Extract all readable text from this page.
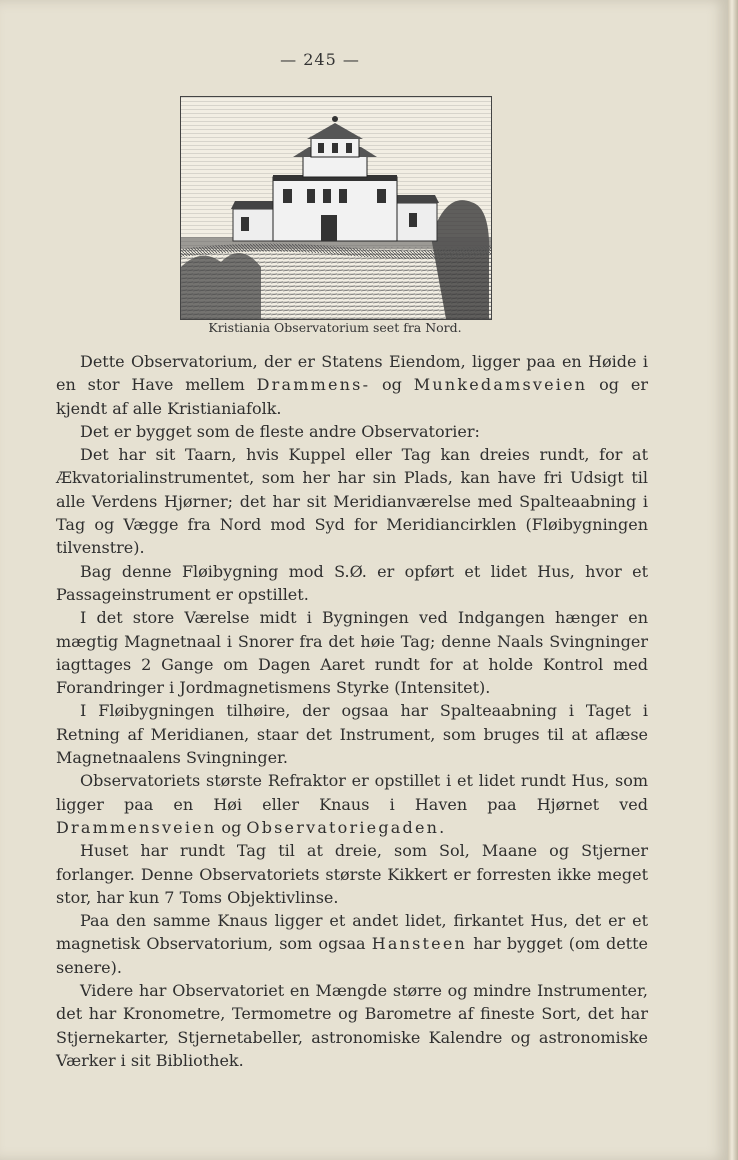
— 245 —
Kristiania Observatorium seet fra Nord.

Dette Observatorium, der er Statens Eiendom, ligger paa en Høide i en stor Have mellem Drammens- og Munkedamsveien og er kjendt af alle Kristianiafolk.

Det er bygget som de fleste andre Observatorier:

Det har sit Taarn, hvis Kuppel eller Tag kan dreies rundt, for at Ækvatorialinstrumentet, som her har sin Plads, kan have fri Udsigt til alle Verdens Hjørner; det har sit Meridianværelse med Spalteaabning i Tag og Vægge fra Nord mod Syd for Meridiancirklen (Fløibygningen tilvenstre).

Bag denne Fløibygning mod S.Ø. er opført et lidet Hus, hvor et Passageinstrument er opstillet.

I det store Værelse midt i Bygningen ved Indgangen hænger en mægtig Magnetnaal i Snorer fra det høie Tag; denne Naals Svingninger iagttages 2 Gange om Dagen Aaret rundt for at holde Kontrol med Forandringer i Jordmagnetismens Styrke (Intensitet).

I Fløibygningen tilhøire, der ogsaa har Spalteaabning i Taget i Retning af Meridianen, staar det Instrument, som bruges til at aflæse Magnetnaalens Svingninger.

Observatoriets største Refraktor er opstillet i et lidet rundt Hus, som ligger paa en Høi eller Knaus i Haven paa Hjørnet ved Drammensveien og Observatoriegaden.

Huset har rundt Tag til at dreie, som Sol, Maane og Stjerner forlanger. Denne Observatoriets største Kikkert er forresten ikke meget stor, har kun 7 Toms Objektivlinse.

Paa den samme Knaus ligger et andet lidet, firkantet Hus, det er et magnetisk Observatorium, som ogsaa Hansteen har bygget (om dette senere).

Videre har Observatoriet en Mængde større og mindre Instrumenter, det har Kronometre, Termometre og Barometre af fineste Sort, det har Stjernekarter, Stjernetabeller, astronomiske Kalendre og astronomiske Værker i sit Bibliothek.
